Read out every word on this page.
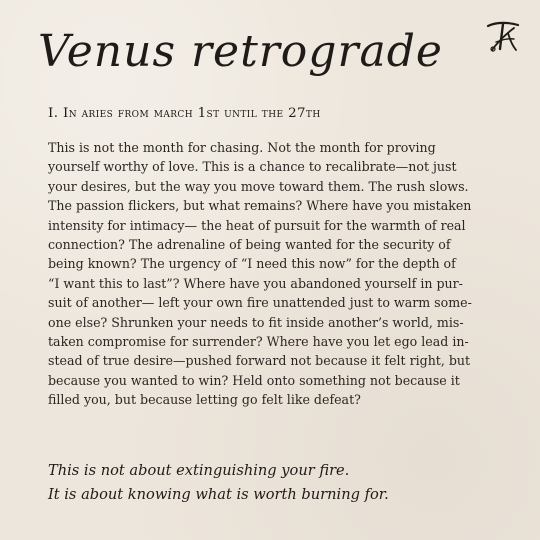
Venus retrograde
I. In aries from march 1st until the 27th
This is not the month for chasing. Not the month for proving
yourself worthy of love. This is a chance to recalibrate—not just
your desires, but the way you move toward them. The rush slows.
The passion flickers, but what remains? Where have you mistaken
intensity for intimacy— the heat of pursuit for the warmth of real
connection? The adrenaline of being wanted for the security of
being known? The urgency of “I need this now” for the depth of
“I want this to last”? Where have you abandoned yourself in pur-
suit of another— left your own fire unattended just to warm some-
one else? Shrunken your needs to fit inside another’s world, mis-
taken compromise for surrender? Where have you let ego lead in-
stead of true desire—pushed forward not because it felt right, but
because you wanted to win? Held onto something not because it
filled you, but because letting go felt like defeat?
This is not about extinguishing your fire.
It is about knowing what is worth burning for.
